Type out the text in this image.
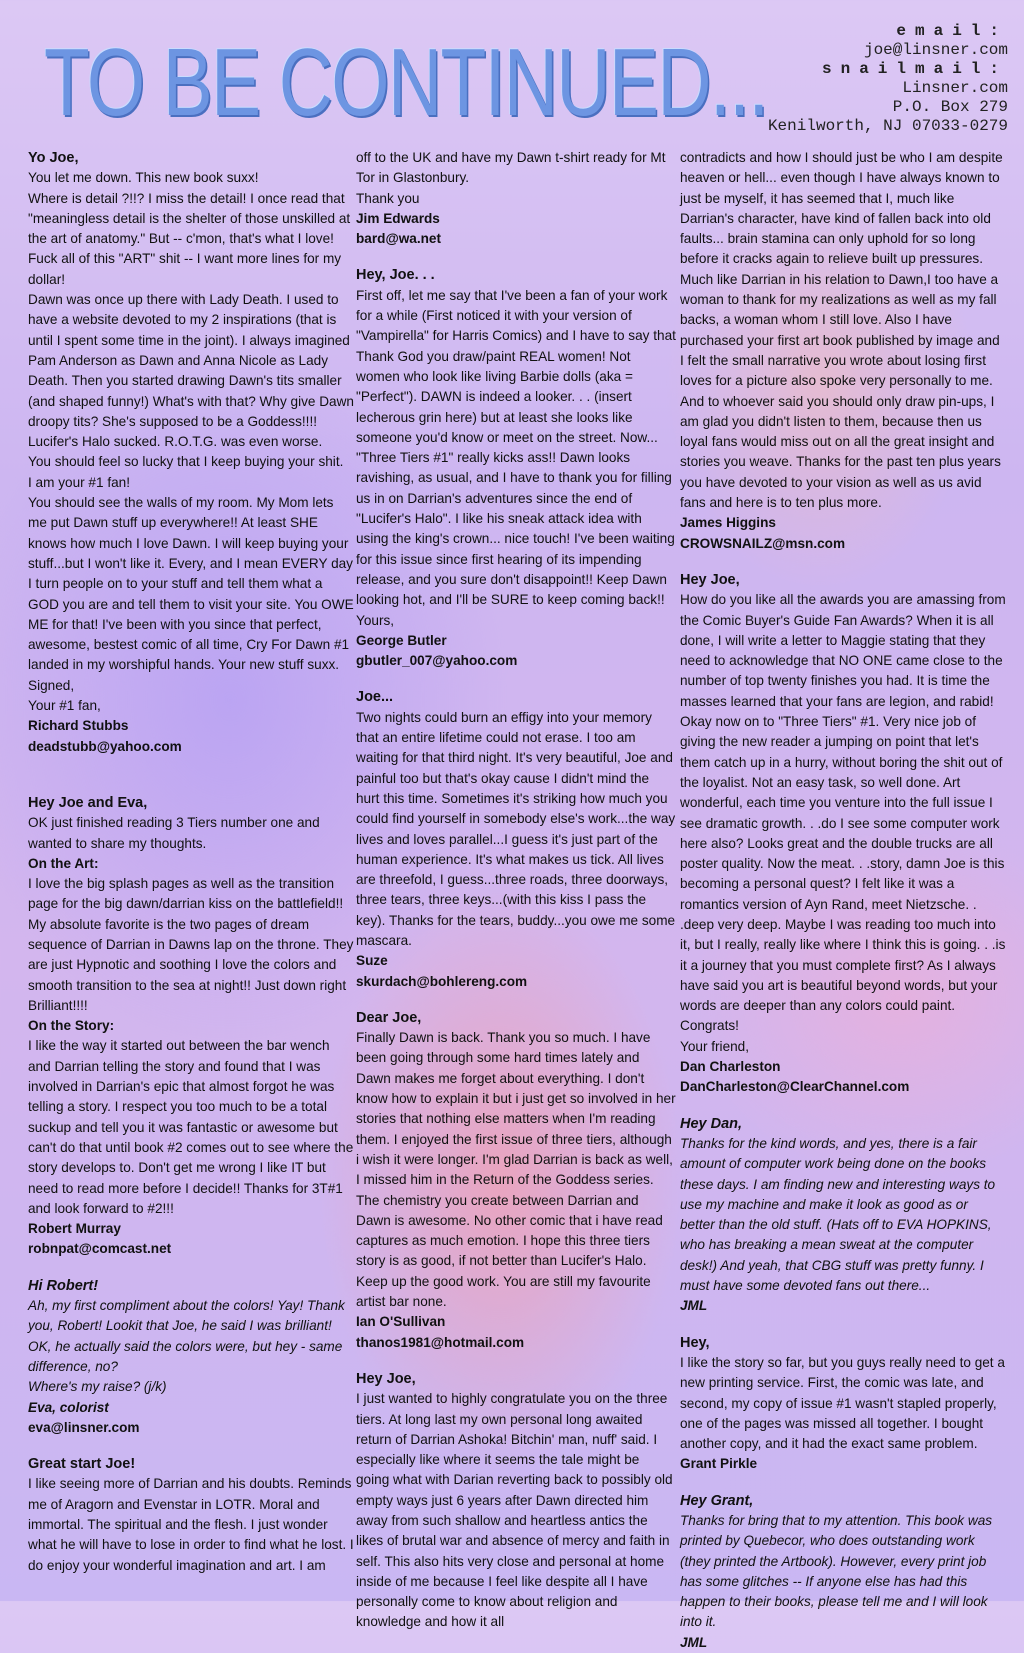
TO BE CONTINUED...	email:
joe@linsner.com
snailmail:
Linsner.com
P.O. Box 279
Kenilworth, NJ 07033-0279
Yo Joe,

You let me down. This new book suxx!

Where is detail ?!!? I miss the detail! I once read that "meaningless detail is the shelter of those unskilled at the art of anatomy." But -- c'mon, that's what I love! Fuck all of this "ART" shit -- I want more lines for my dollar!

Dawn was once up there with Lady Death. I used to have a website devoted to my 2 inspirations (that is until I spent some time in the joint). I always imagined Pam Anderson as Dawn and Anna Nicole as Lady Death. Then you started drawing Dawn's tits smaller (and shaped funny!) What's with that? Why give Dawn droopy tits? She's supposed to be a Goddess!!!!

Lucifer's Halo sucked. R.O.T.G. was even worse.

You should feel so lucky that I keep buying your shit.

I am your #1 fan!

You should see the walls of my room. My Mom lets me put Dawn stuff up everywhere!! At least SHE knows how much I love Dawn. I will keep buying your stuff...but I won't like it. Every, and I mean EVERY day I turn people on to your stuff and tell them what a GOD you are and tell them to visit your site. You OWE ME for that! I've been with you since that perfect, awesome, bestest comic of all time, Cry For Dawn #1 landed in my worshipful hands. Your new stuff suxx.

Signed,

Your #1 fan,

Richard Stubbs
deadstubb@yahoo.com
Hey Joe and Eva,

OK just finished reading 3 Tiers number one and wanted to share my thoughts.

On the Art:

I love the big splash pages as well as the transition page for the big dawn/darrian kiss on the battlefield!! My absolute favorite is the two pages of dream sequence of Darrian in Dawns lap on the throne. They are just Hypnotic and soothing I love the colors and smooth transition to the sea at night!! Just down right Brilliant!!!!

On the Story:

I like the way it started out between the bar wench and Darrian telling the story and found that I was involved in Darrian's epic that almost forgot he was telling a story. I respect you too much to be a total suckup and tell you it was fantastic or awesome but can't do that until book #2 comes out to see where the story develops to. Don't get me wrong I like IT but need to read more before I decide!! Thanks for 3T#1 and look forward to #2!!!

Robert Murray
robnpat@comcast.net
Hi Robert!

Ah, my first compliment about the colors! Yay! Thank you, Robert! Lookit that Joe, he said I was brilliant! OK, he actually said the colors were, but hey - same difference, no?

Where's my raise? (j/k)

Eva, colorist
eva@linsner.com
Great start Joe!

I like seeing more of Darrian and his doubts. Reminds me of Aragorn and Evenstar in LOTR. Moral and immortal. The spiritual and the flesh. I just wonder what he will have to lose in order to find what he lost. I do enjoy your wonderful imagination and art. I am

off to the UK and have my Dawn t-shirt ready for Mt Tor in Glastonbury.

Thank you

Jim Edwards
bard@wa.net
Hey, Joe. . .

First off, let me say that I've been a fan of your work for a while (First noticed it with your version of "Vampirella" for Harris Comics) and I have to say that Thank God you draw/paint REAL women! Not women who look like living Barbie dolls (aka = "Perfect"). DAWN is indeed a looker. . . (insert lecherous grin here) but at least she looks like someone you'd know or meet on the street. Now... "Three Tiers #1" really kicks ass!! Dawn looks ravishing, as usual, and I have to thank you for filling us in on Darrian's adventures since the end of "Lucifer's Halo". I like his sneak attack idea with using the king's crown... nice touch! I've been waiting for this issue since first hearing of its impending release, and you sure don't disappoint!! Keep Dawn looking hot, and I'll be SURE to keep coming back!!

Yours,

George Butler
gbutler_007@yahoo.com
Joe...

Two nights could burn an effigy into your memory that an entire lifetime could not erase. I too am waiting for that third night. It's very beautiful, Joe and painful too but that's okay cause I didn't mind the hurt this time. Sometimes it's striking how much you could find yourself in somebody else's work...the way lives and loves parallel...I guess it's just part of the human experience. It's what makes us tick. All lives are threefold, I guess...three roads, three doorways, three tears, three keys...(with this kiss I pass the key). Thanks for the tears, buddy...you owe me some mascara.

Suze
skurdach@bohlereng.com
Dear Joe,

Finally Dawn is back. Thank you so much. I have been going through some hard times lately and Dawn makes me forget about everything. I don't know how to explain it but i just get so involved in her stories that nothing else matters when I'm reading them. I enjoyed the first issue of three tiers, although i wish it were longer. I'm glad Darrian is back as well, I missed him in the Return of the Goddess series. The chemistry you create between Darrian and Dawn is awesome. No other comic that i have read captures as much emotion. I hope this three tiers story is as good, if not better than Lucifer's Halo. Keep up the good work. You are still my favourite artist bar none.

Ian O'Sullivan
thanos1981@hotmail.com
Hey Joe,

I just wanted to highly congratulate you on the three tiers. At long last my own personal long awaited return of Darrian Ashoka! Bitchin' man, nuff' said. I especially like where it seems the tale might be going what with Darian reverting back to possibly old empty ways just 6 years after Dawn directed him away from such shallow and heartless antics the likes of brutal war and absence of mercy and faith in self. This also hits very close and personal at home inside of me because I feel like despite all I have personally come to know about religion and knowledge and how it all

contradicts and how I should just be who I am despite heaven or hell... even though I have always known to just be myself, it has seemed that I, much like Darrian's character, have kind of fallen back into old faults... brain stamina can only uphold for so long before it cracks again to relieve built up pressures. Much like Darrian in his relation to Dawn,I too have a woman to thank for my realizations as well as my fall backs, a woman whom I still love. Also I have purchased your first art book published by image and I felt the small narrative you wrote about losing first loves for a picture also spoke very personally to me. And to whoever said you should only draw pin-ups, I am glad you didn't listen to them, because then us loyal fans would miss out on all the great insight and stories you weave. Thanks for the past ten plus years you have devoted to your vision as well as us avid fans and here is to ten plus more.

James Higgins
CROWSNAILZ@msn.com
Hey Joe,

How do you like all the awards you are amassing from the Comic Buyer's Guide Fan Awards? When it is all done, I will write a letter to Maggie stating that they need to acknowledge that NO ONE came close to the number of top twenty finishes you had. It is time the masses learned that your fans are legion, and rabid! Okay now on to "Three Tiers" #1. Very nice job of giving the new reader a jumping on point that let's them catch up in a hurry, without boring the shit out of the loyalist. Not an easy task, so well done. Art wonderful, each time you venture into the full issue I see dramatic growth. . .do I see some computer work here also? Looks great and the double trucks are all poster quality. Now the meat. . .story, damn Joe is this becoming a personal quest? I felt like it was a romantics version of Ayn Rand, meet Nietzsche. . .deep very deep. Maybe I was reading too much into it, but I really, really like where I think this is going. . .is it a journey that you must complete first? As I always have said you art is beautiful beyond words, but your words are deeper than any colors could paint.

Congrats!

Your friend,

Dan Charleston
DanCharleston@ClearChannel.com
Hey Dan,

Thanks for the kind words, and yes, there is a fair amount of computer work being done on the books these days. I am finding new and interesting ways to use my machine and make it look as good as or better than the old stuff. (Hats off to EVA HOPKINS, who has breaking a mean sweat at the computer desk!) And yeah, that CBG stuff was pretty funny. I must have some devoted fans out there...

JML
Hey,

I like the story so far, but you guys really need to get a new printing service. First, the comic was late, and second, my copy of issue #1 wasn't stapled properly, one of the pages was missed all together. I bought another copy, and it had the exact same problem.

Grant Pirkle
Hey Grant,

Thanks for bring that to my attention. This book was printed by Quebecor, who does outstanding work (they printed the Artbook). However, every print job has some glitches -- If anyone else has had this happen to their books, please tell me and I will look into it.

JML
